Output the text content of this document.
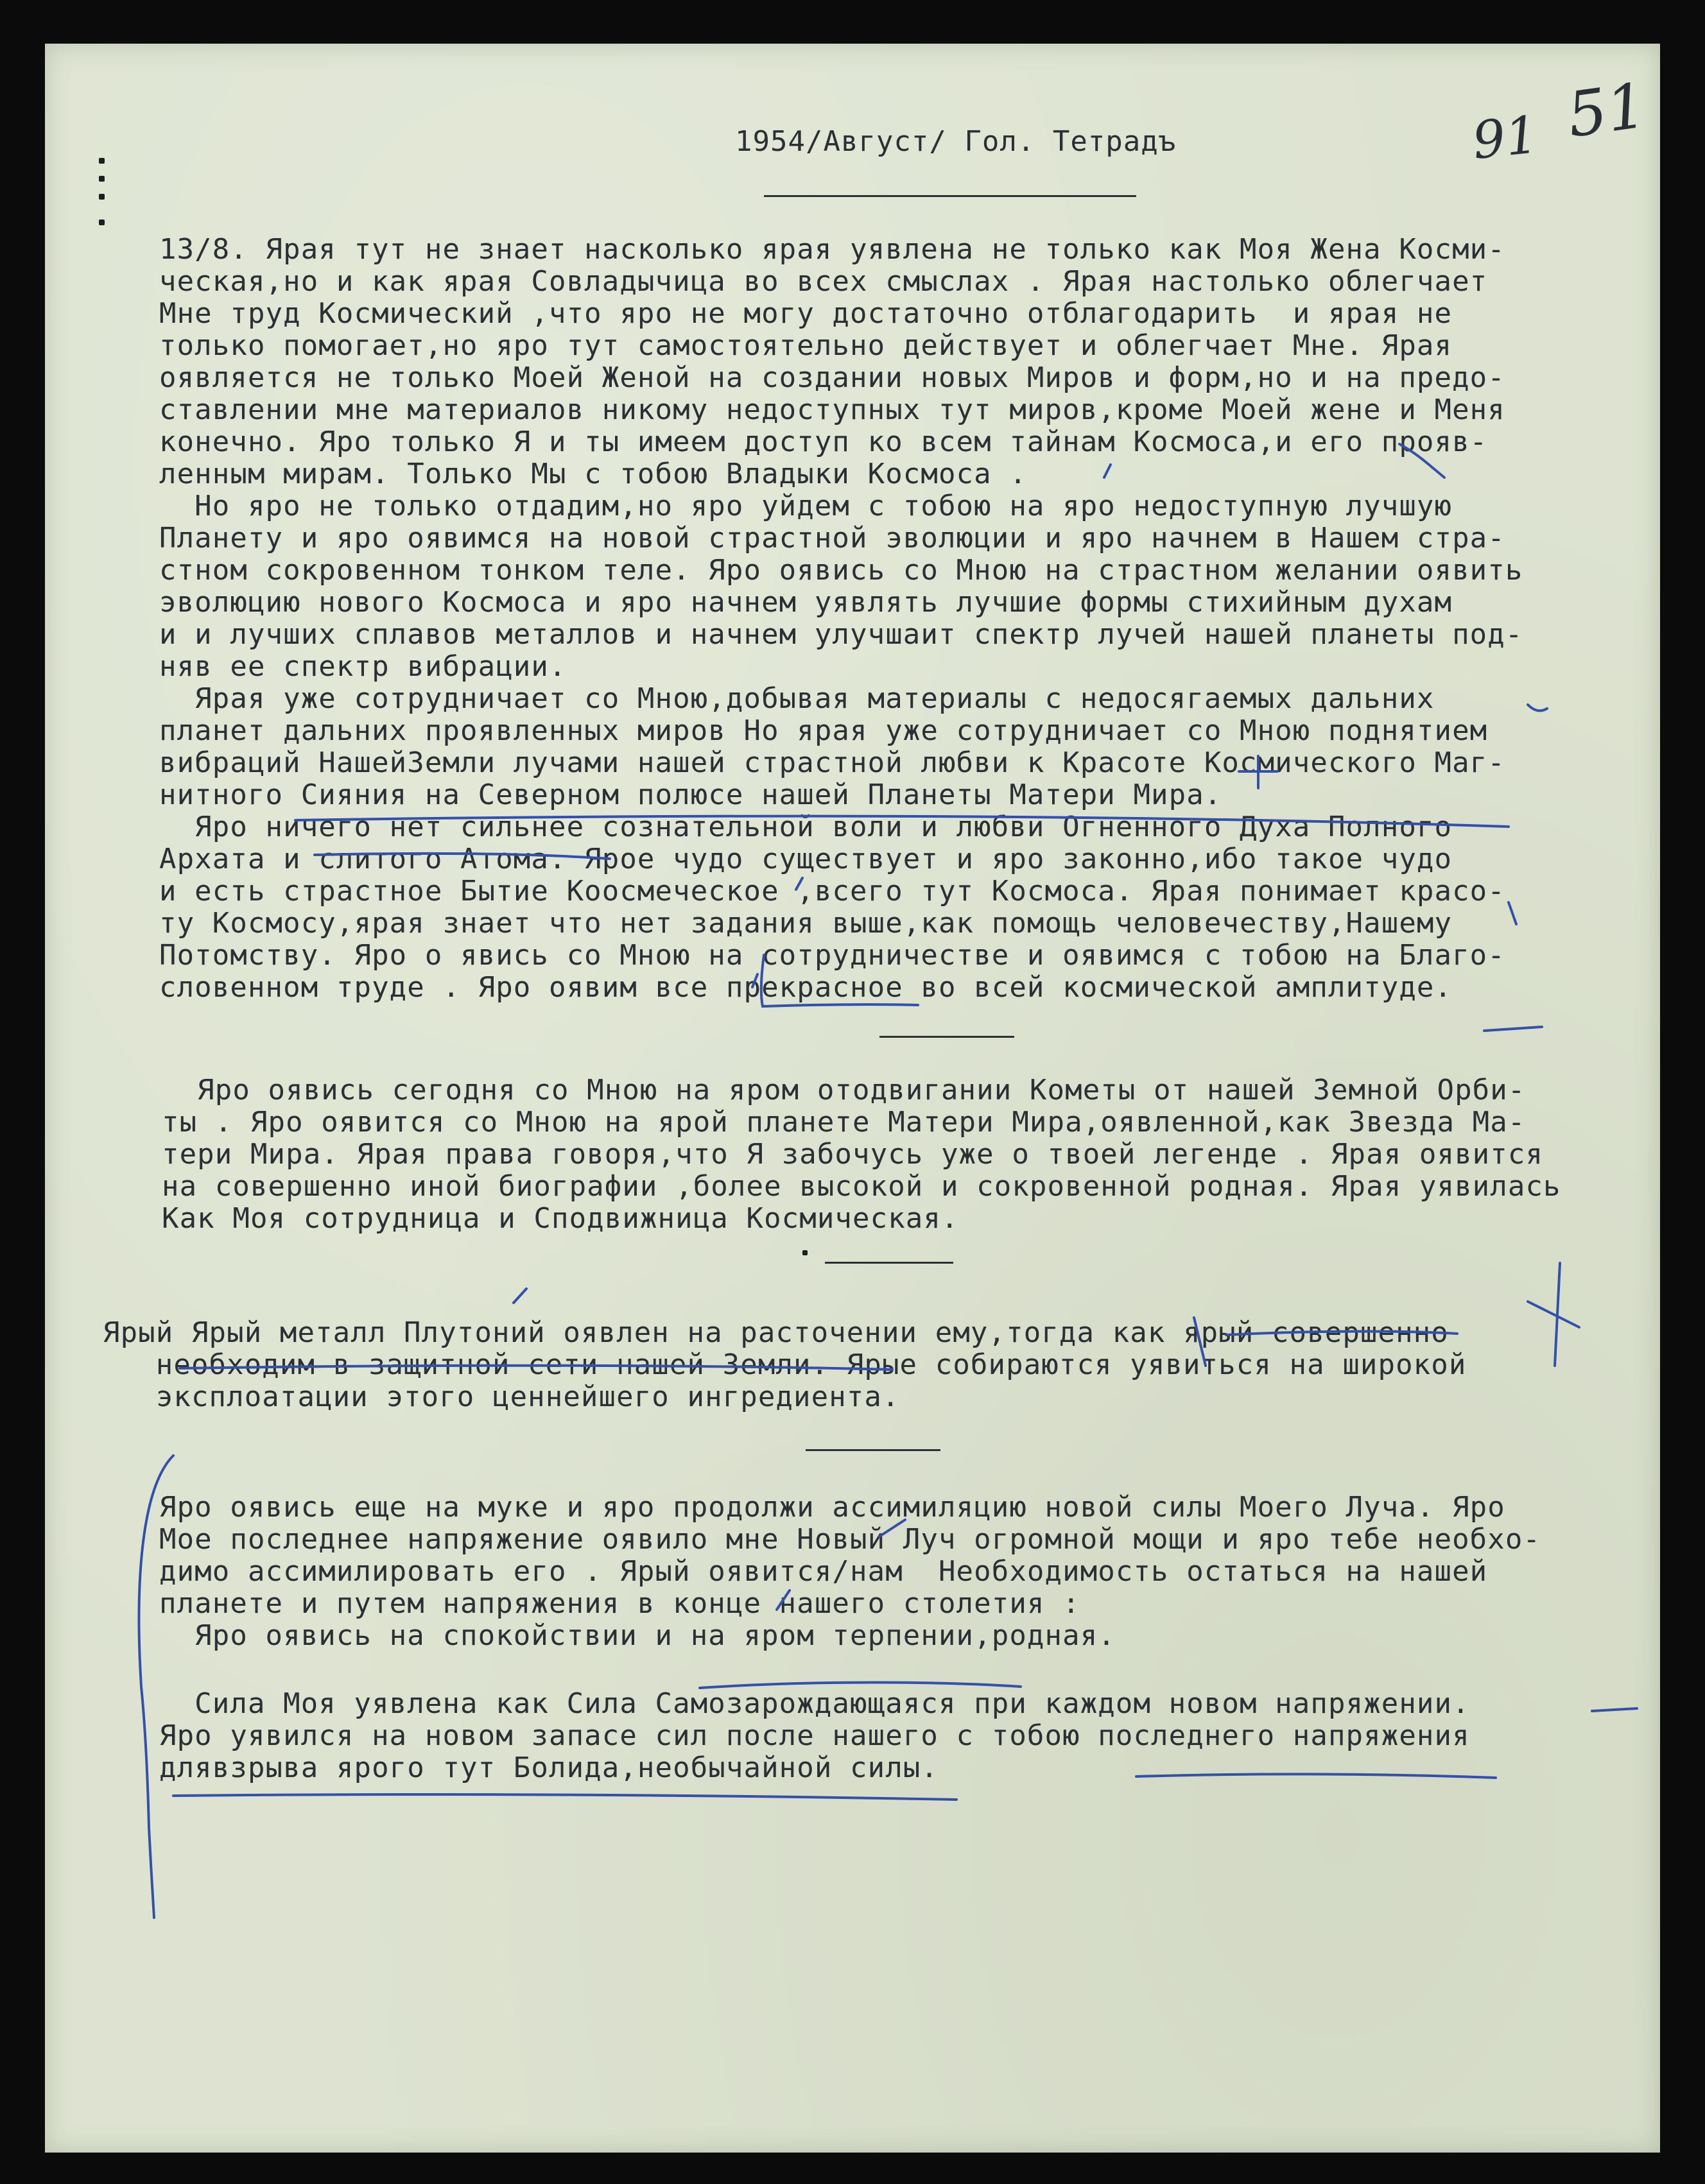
91 51
1954/Август/ Гол. Тетрадъ
13/8. Ярая тут не знает насколько ярая уявлена не только как Моя Жена Косми-
ческая,но и как ярая Совладычица во всех смыслах . Ярая настолько облегчает
Мне труд Космический ,что яро не могу достаточно отблагодарить  и ярая не
только помогает,но яро тут самостоятельно действует и облегчает Мне. Ярая
оявляется не только Моей Женой на создании новых Миров и форм,но и на предо-
ставлении мне материалов никому недоступных тут миров,кроме Моей жене и Меня
конечно. Яро только Я и ты имеем доступ ко всем тайнам Космоса,и его прояв-
ленным мирам. Только Мы с тобою Владыки Космоса .
Но яро не только отдадим,но яро уйдем с тобою на яро недоступную лучшую
Планету и яро оявимся на новой страстной эволюции и яро начнем в Нашем стра-
стном сокровенном тонком теле. Яро оявись со Мною на страстном желании оявить
эволюцию нового Космоса и яро начнем уявлять лучшие формы стихийным духам
и и лучших сплавов металлов и начнем улучшаит спектр лучей нашей планеты под-
няв ее спектр вибрации.
Ярая уже сотрудничает со Мною,добывая материалы с недосягаемых дальних
планет дальних проявленных миров Но ярая уже сотрудничает со Мною поднятием
вибраций НашейЗемли лучами нашей страстной любви к Красоте Космического Маг-
нитного Сияния на Северном полюсе нашей Планеты Матери Мира.
Яро ничего нет сильнее сознательной воли и любви Огненного Духа Полного
Архата и слитого Атома. Ярое чудо существует и яро законно,ибо такое чудо
и есть страстное Бытие Коосмеческое ,всего тут Космоса. Ярая понимает красо-
ту Космосу,ярая знает что нет задания выше,как помощь человечеству,Нашему
Потомству. Яро о явись со Мною на сотрудничестве и оявимся с тобою на Благо-
словенном труде . Яро оявим все прекрасное во всей космической амплитуде.
Яро оявись сегодня со Мною на яром отодвигании Кометы от нашей Земной Орби-
ты . Яро оявится со Мною на ярой планете Матери Мира,оявленной,как Звезда Ма-
тери Мира. Ярая права говоря,что Я забочусь уже о твоей легенде . Ярая оявится
на совершенно иной биографии ,более высокой и сокровенной родная. Ярая уявилась
Как Моя сотрудница и Сподвижница Космическая.
Ярый Ярый металл Плутоний оявлен на расточении ему,тогда как ярый совершенно
необходим в защитной сети нашей Земли. Ярые собираются уявиться на широкой
эксплоатации этого ценнейшего ингредиента.
Яро оявись еще на муке и яро продолжи ассимиляцию новой силы Моего Луча. Яро
Мое последнее напряжение оявило мне Новый Луч огромной мощи и яро тебе необхо-
димо ассимилировать его . Ярый оявится/нам  Необходимость остаться на нашей
планете и путем напряжения в конце нашего столетия :
Яро оявись на спокойствии и на яром терпении,родная.
Сила Моя уявлена как Сила Самозарождающаяся при каждом новом напряжении.
Яро уявился на новом запасе сил после нашего с тобою последнего напряжения
длявзрыва ярого тут Болида,необычайной силы.
